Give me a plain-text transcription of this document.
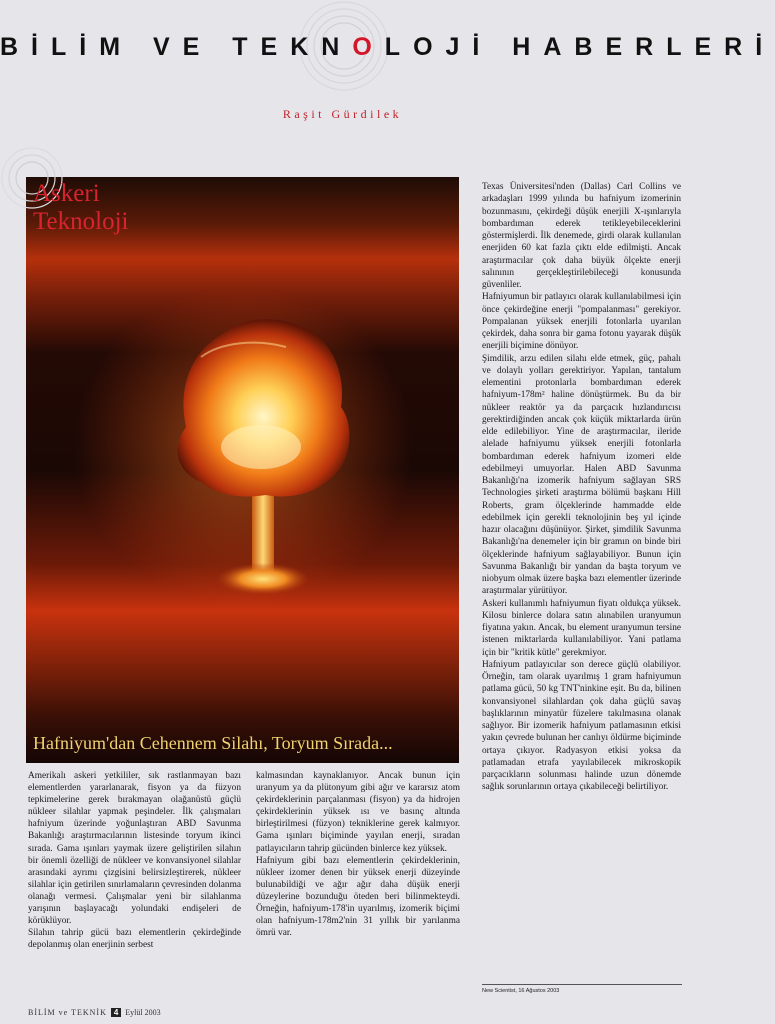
BİLİM VE TEKNOLOJİ HABERLERİ
Raşit Gürdilek
Askeri
Teknoloji
Hafniyum'dan Cehennem Silahı, Toryum Sırada...

Amerikalı askeri yetkililer, sık rastlanmayan bazı elementlerden yararlanarak, fisyon ya da füzyon tepkimelerine gerek bırakmayan olağanüstü güçlü nükleer silahlar yapmak peşindeler. İlk çalışmaları hafniyum üzerinde yoğunlaştıran ABD Savunma Bakanlığı araştırmacılarının listesinde toryum ikinci sırada. Gama ışınları yaymak üzere geliştirilen silahın bir önemli özelliği de nükleer ve konvansiyonel silahlar arasındaki ayrımı çizgisini belirsizleştirerek, nükleer silahlar için getirilen sınırlamaların çevresinden dolanma olanağı vermesi. Çalışmalar yeni bir silahlanma yarışının başlayacağı yolundaki endişeleri de körüklüyor.

Silahın tahrip gücü bazı elementlerin çekirdeğinde depolanmış olan enerjinin serbest

kalmasından kaynaklanıyor. Ancak bunun için uranyum ya da plütonyum gibi ağır ve kararsız atom çekirdeklerinin parçalanması (fisyon) ya da hidrojen çekirdeklerinin yüksek ısı ve basınç altında birleştirilmesi (füzyon) tekniklerine gerek kalmıyor. Gama ışınları biçiminde yayılan enerji, sıradan patlayıcıların tahrip gücünden binlerce kez yüksek.

Hafniyum gibi bazı elementlerin çekirdeklerinin, nükleer izomer denen bir yüksek enerji düzeyinde bulunabildiği ve ağır ağır daha düşük enerji düzeylerine bozunduğu öteden beri bilinmekteydi. Örneğin, hafniyum-178'in uyarılmış, izomerik biçimi olan hafniyum-178m2'nin 31 yıllık bir yarılanma ömrü var.

Texas Üniversitesi'nden (Dallas) Carl Collins ve arkadaşları 1999 yılında bu hafniyum izomerinin bozunmasını, çekirdeği düşük enerjili X-ışınlarıyla bombardıman ederek tetikleyebileceklerini göstermişlerdi. İlk denemede, girdi olarak kullanılan enerjiden 60 kat fazla çıktı elde edilmişti. Ancak araştırmacılar çok daha büyük ölçekte enerji salınının gerçekleştirilebileceği konusunda güvenliler.

Hafniyumun bir patlayıcı olarak kullanılabilmesi için önce çekirdeğine enerji "pompalanması" gerekiyor. Pompalanan yüksek enerjili fotonlarla uyarılan çekirdek, daha sonra bir gama fotonu yayarak düşük enerjili biçimine dönüyor.

Şimdilik, arzu edilen silahı elde etmek, güç, pahalı ve dolaylı yolları gerektiriyor. Yapılan, tantalum elementini protonlarla bombardıman ederek hafniyum-178m² haline dönüştürmek. Bu da bir nükleer reaktör ya da parçacık hızlandırıcısı gerektirdiğinden ancak çok küçük miktarlarda ürün elde edilebiliyor. Yine de araştırmacılar, ileride alelade hafniyumu yüksek enerjili fotonlarla bombardıman ederek hafniyum izomeri elde edebilmeyi umuyorlar. Halen ABD Savunma Bakanlığı'na izomerik hafniyum sağlayan SRS Technologies şirketi araştırma bölümü başkanı Hill Roberts, gram ölçeklerinde hammadde elde edebilmek için gerekli teknolojinin beş yıl içinde hazır olacağını düşünüyor. Şirket, şimdilik Savunma Bakanlığı'na denemeler için bir gramın on binde biri ölçeklerinde hafniyum sağlayabiliyor. Bunun için Savunma Bakanlığı bir yandan da başta toryum ve niobyum olmak üzere başka bazı elementler üzerinde araştırmalar yürütüyor.

Askeri kullanımlı hafniyumun fiyatı oldukça yüksek. Kilosu binlerce dolara satın alınabilen uranyumun fiyatına yakın. Ancak, bu element uranyumun tersine istenen miktarlarda kullanılabiliyor. Yani patlama için bir "kritik kütle" gerekmiyor.

Hafniyum patlayıcılar son derece güçlü olabiliyor. Örneğin, tam olarak uyarılmış 1 gram hafniyumun patlama gücü, 50 kg TNT'ninkine eşit. Bu da, bilinen konvansiyonel silahlardan çok daha güçlü savaş başlıklarının minyatür füzelere takılmasına olanak sağlıyor. Bir izomerik hafniyum patlamasının etkisi yakın çevrede bulunan her canlıyı öldürme biçiminde ortaya çıkıyor. Radyasyon etkisi yoksa da patlamadan etrafa yayılabilecek mikroskopik parçacıkların solunması halinde uzun dönemde sağlık sorunlarının ortaya çıkabileceği belirtiliyor.

New Scientist, 16 Ağustos 2003
BİLİM ve TEKNİK 4 Eylül 2003
